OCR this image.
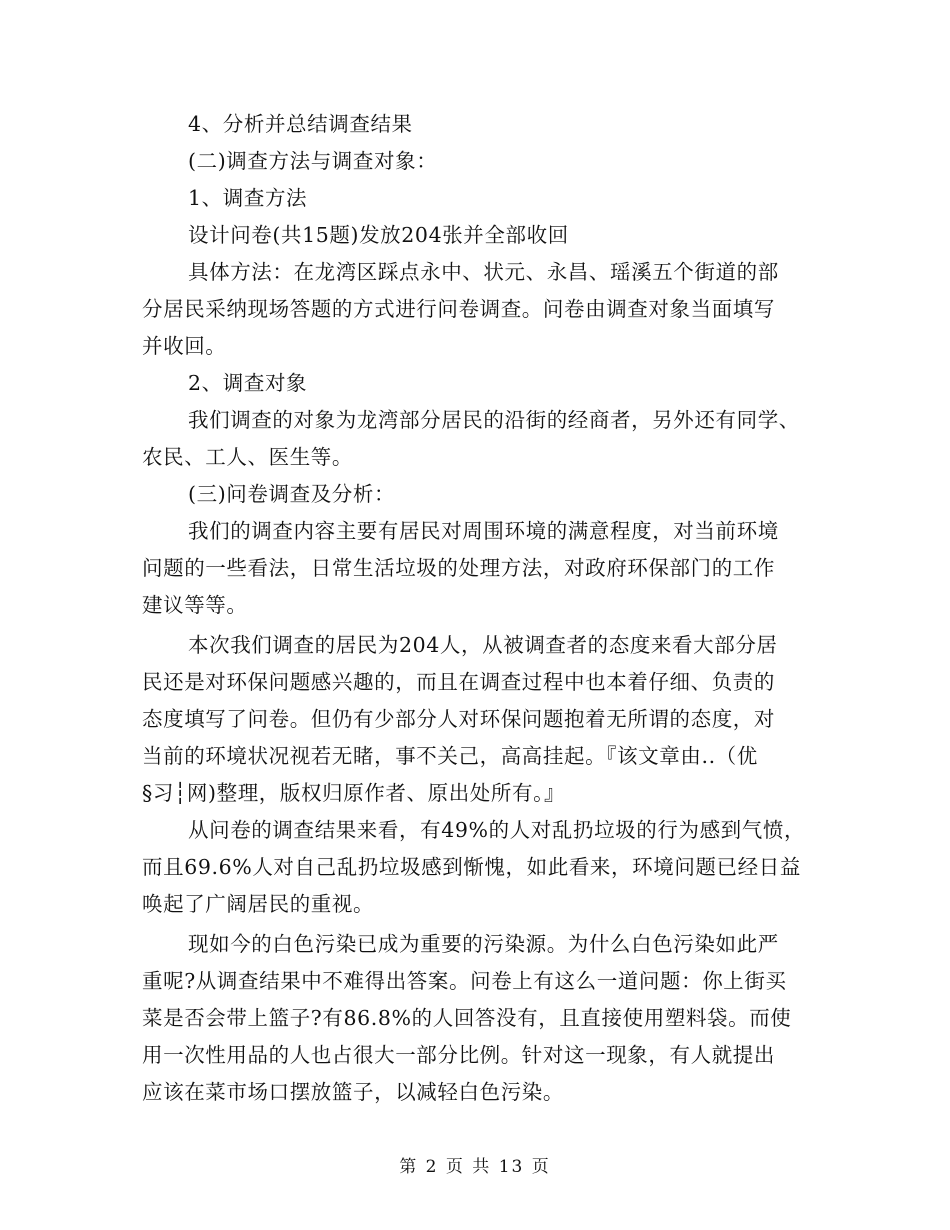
4、分析并总结调查结果
(二)调查方法与调查对象：
1、调查方法
设计问卷(共15题)发放204张并全部收回
具体方法：在龙湾区踩点永中、状元、永昌、瑶溪五个街道的部
分居民采纳现场答题的方式进行问卷调查。问卷由调查对象当面填写
并收回。
2、调查对象
我们调查的对象为龙湾部分居民的沿街的经商者，另外还有同学、
农民、工人、医生等。
(三)问卷调查及分析：
我们的调查内容主要有居民对周围环境的满意程度，对当前环境
问题的一些看法，日常生活垃圾的处理方法，对政府环保部门的工作
建议等等。
本次我们调查的居民为204人，从被调查者的态度来看大部分居
民还是对环保问题感兴趣的，而且在调查过程中也本着仔细、负责的
态度填写了问卷。但仍有少部分人对环保问题抱着无所谓的态度，对
当前的环境状况视若无睹，事不关己，高高挂起。『该文章由..（优
§习┆网)整理，版权归原作者、原出处所有。』
从问卷的调查结果来看，有49%的人对乱扔垃圾的行为感到气愤，
而且69.6%人对自己乱扔垃圾感到惭愧，如此看来，环境问题已经日益
唤起了广阔居民的重视。
现如今的白色污染已成为重要的污染源。为什么白色污染如此严
重呢?从调查结果中不难得出答案。问卷上有这么一道问题：你上街买
菜是否会带上篮子?有86.8%的人回答没有，且直接使用塑料袋。而使
用一次性用品的人也占很大一部分比例。针对这一现象，有人就提出
应该在菜市场口摆放篮子，以减轻白色污染。
第 2 页 共 13 页
